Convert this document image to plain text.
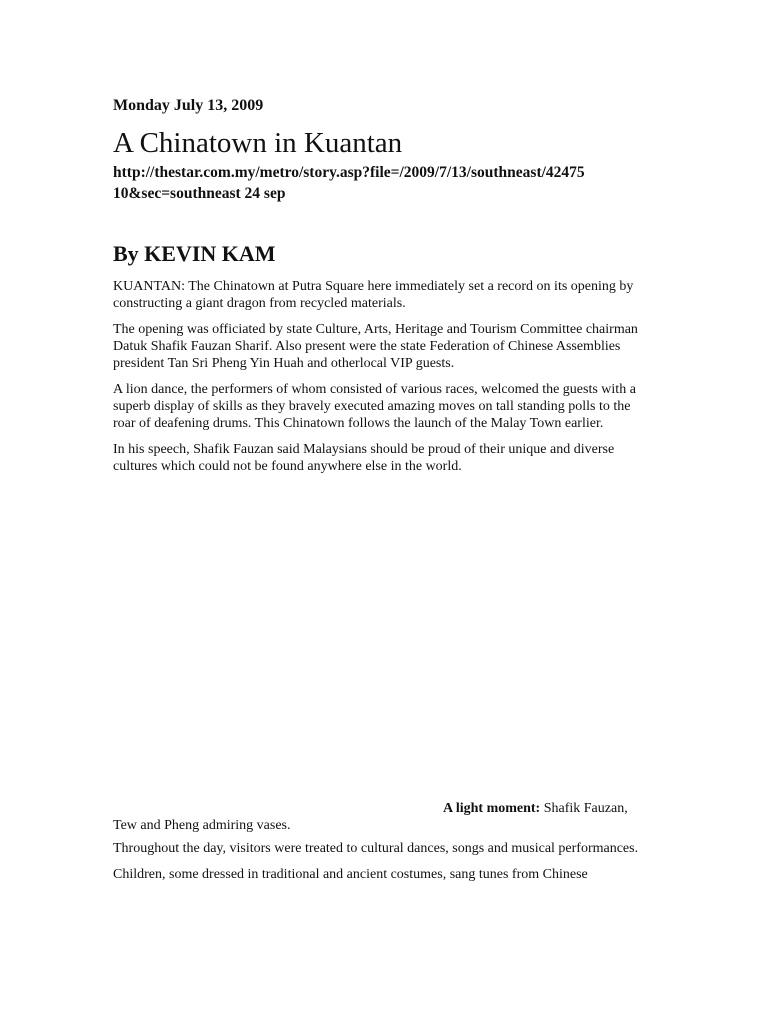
Monday July 13, 2009
A Chinatown in Kuantan
http://thestar.com.my/metro/story.asp?file=/2009/7/13/southneast/42475
10&sec=southneast 24 sep
By KEVIN KAM

KUANTAN: The Chinatown at Putra Square here immediately set a record on its opening by constructing a giant dragon from recycled materials.

The opening was officiated by state Culture, Arts, Heritage and Tourism Committee chairman Datuk Shafik Fauzan Sharif. Also present were the state Federation of Chinese Assemblies president Tan Sri Pheng Yin Huah and otherlocal VIP guests.

A lion dance, the performers of whom consisted of various races, welcomed the guests with a superb display of skills as they bravely executed amazing moves on tall standing polls to the roar of deafening drums. This Chinatown follows the launch of the Malay Town earlier.

In his speech, Shafik Fauzan said Malaysians should be proud of their unique and diverse cultures which could not be found anywhere else in the world.

A light moment: Shafik Fauzan,
Tew and Pheng admiring vases.

Throughout the day, visitors were treated to cultural dances, songs and musical performances.

Children, some dressed in traditional and ancient costumes, sang tunes from Chinese
